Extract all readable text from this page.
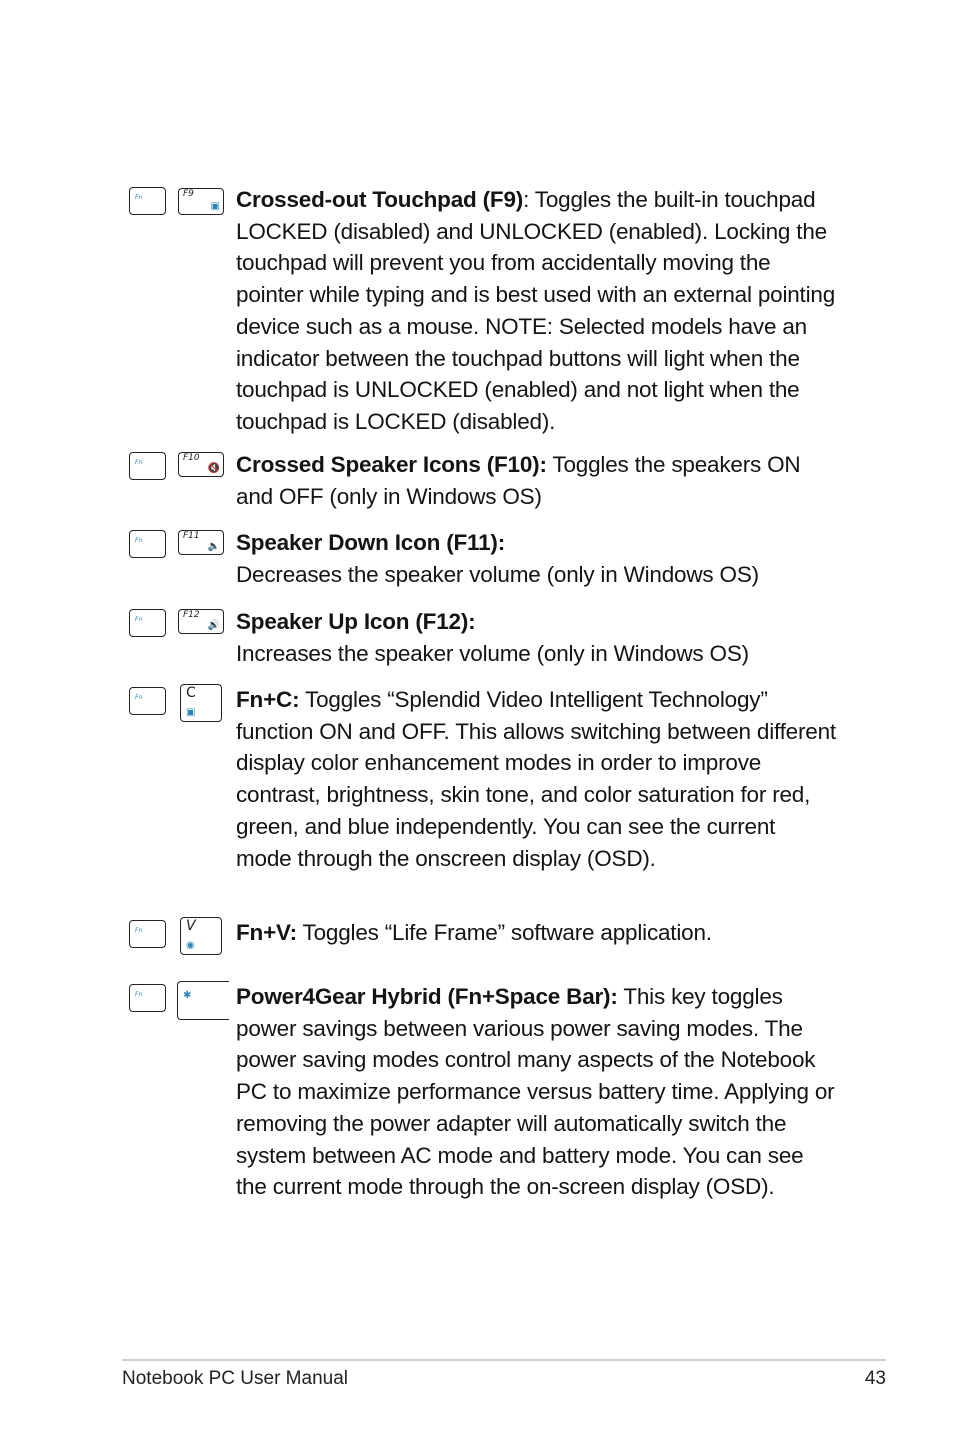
Fn	F9
▣ Crossed-out Touchpad (F9): Toggles the built-in touchpad LOCKED (disabled) and UNLOCKED (enabled). Locking the touchpad will prevent you from accidentally moving the pointer while typing and is best used with an external pointing device such as a mouse. NOTE: Selected models have an indicator between the touchpad buttons will light when the touchpad is UNLOCKED (enabled) and not light when the touchpad is LOCKED (disabled).
Fn	F10
🔇 Crossed Speaker Icons (F10): Toggles the speakers ON and OFF (only in Windows OS)
Fn	F11
🔈 Speaker Down Icon (F11):
Decreases the speaker volume (only in Windows OS)
Fn	F12
🔊 Speaker Up Icon (F12):
Increases the speaker volume (only in Windows OS)
Fn	C
▣
Fn+C: Toggles “Splendid Video Intelligent Technology” function ON and OFF. This allows switching between different display color enhancement modes in order to improve contrast, brightness, skin tone, and color saturation for red, green, and blue independently. You can see the current mode through the onscreen display (OSD).
Fn	V
◉
Fn+V: Toggles “Life Frame” software application.
Fn	✱ Power4Gear Hybrid (Fn+Space Bar): This key toggles power savings between various power saving modes. The power saving modes control many aspects of the Notebook PC to maximize performance versus battery time. Applying or removing the power adapter will automatically switch the system between AC mode and battery mode. You can see the current mode through the on-screen display (OSD).
Notebook PC User Manual	43
